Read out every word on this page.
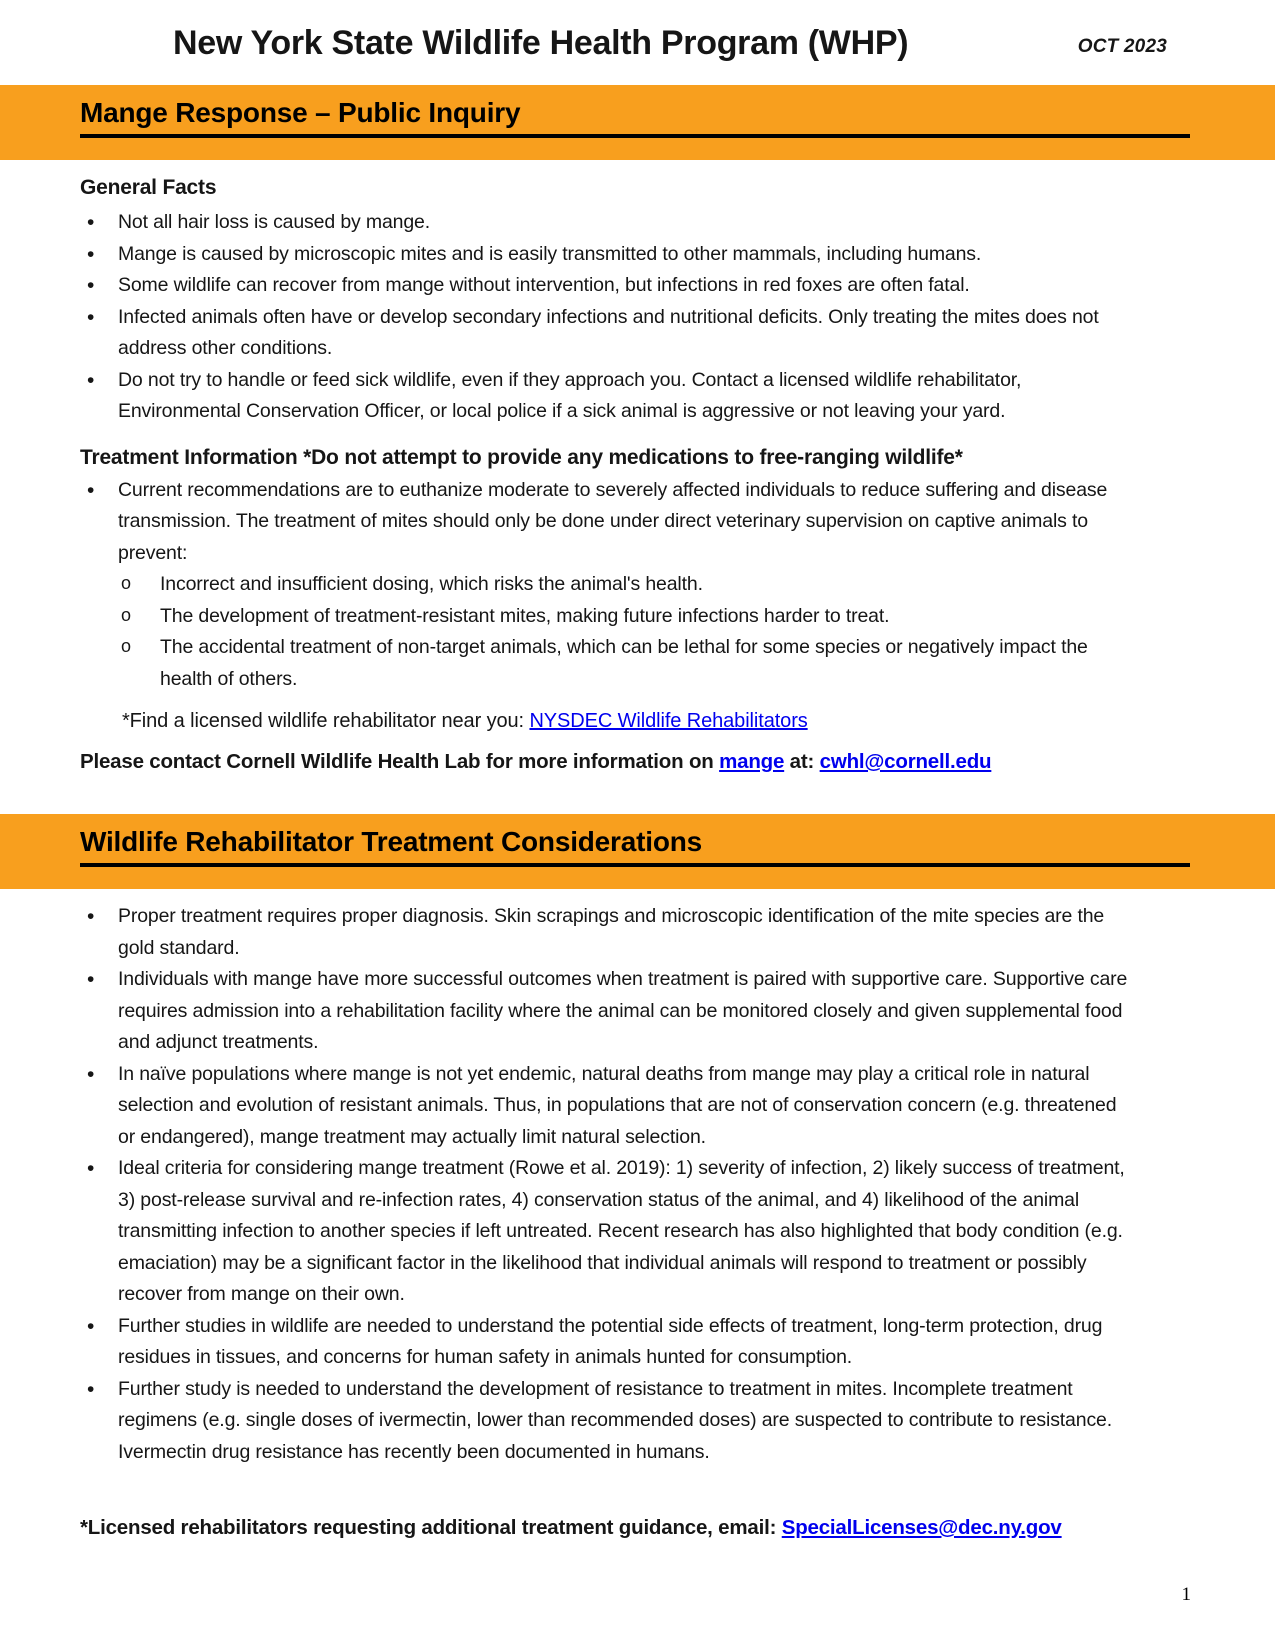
New York State Wildlife Health Program (WHP)	OCT 2023
Mange Response – Public Inquiry
General Facts
• Not all hair loss is caused by mange.
• Mange is caused by microscopic mites and is easily transmitted to other mammals, including humans.
• Some wildlife can recover from mange without intervention, but infections in red foxes are often fatal.
• Infected animals often have or develop secondary infections and nutritional deficits. Only treating the mites does not address other conditions.
• Do not try to handle or feed sick wildlife, even if they approach you. Contact a licensed wildlife rehabilitator, Environmental Conservation Officer, or local police if a sick animal is aggressive or not leaving your yard.
Treatment Information *Do not attempt to provide any medications to free-ranging wildlife*
• Current recommendations are to euthanize moderate to severely affected individuals to reduce suffering and disease transmission. The treatment of mites should only be done under direct veterinary supervision on captive animals to prevent:
o Incorrect and insufficient dosing, which risks the animal's health.
o The development of treatment-resistant mites, making future infections harder to treat.
o The accidental treatment of non-target animals, which can be lethal for some species or negatively impact the health of others.

*Find a licensed wildlife rehabilitator near you: NYSDEC Wildlife Rehabilitators

Please contact Cornell Wildlife Health Lab for more information on mange at: cwhl@cornell.edu

Wildlife Rehabilitator Treatment Considerations
• Proper treatment requires proper diagnosis. Skin scrapings and microscopic identification of the mite species are the gold standard.
• Individuals with mange have more successful outcomes when treatment is paired with supportive care. Supportive care requires admission into a rehabilitation facility where the animal can be monitored closely and given supplemental food and adjunct treatments.
• In naïve populations where mange is not yet endemic, natural deaths from mange may play a critical role in natural selection and evolution of resistant animals. Thus, in populations that are not of conservation concern (e.g. threatened or endangered), mange treatment may actually limit natural selection.
• Ideal criteria for considering mange treatment (Rowe et al. 2019): 1) severity of infection, 2) likely success of treatment, 3) post-release survival and re-infection rates, 4) conservation status of the animal, and 4) likelihood of the animal transmitting infection to another species if left untreated. Recent research has also highlighted that body condition (e.g. emaciation) may be a significant factor in the likelihood that individual animals will respond to treatment or possibly recover from mange on their own.
• Further studies in wildlife are needed to understand the potential side effects of treatment, long-term protection, drug residues in tissues, and concerns for human safety in animals hunted for consumption.
• Further study is needed to understand the development of resistance to treatment in mites. Incomplete treatment regimens (e.g. single doses of ivermectin, lower than recommended doses) are suspected to contribute to resistance. Ivermectin drug resistance has recently been documented in humans.

*Licensed rehabilitators requesting additional treatment guidance, email: SpecialLicenses@dec.ny.gov

1
